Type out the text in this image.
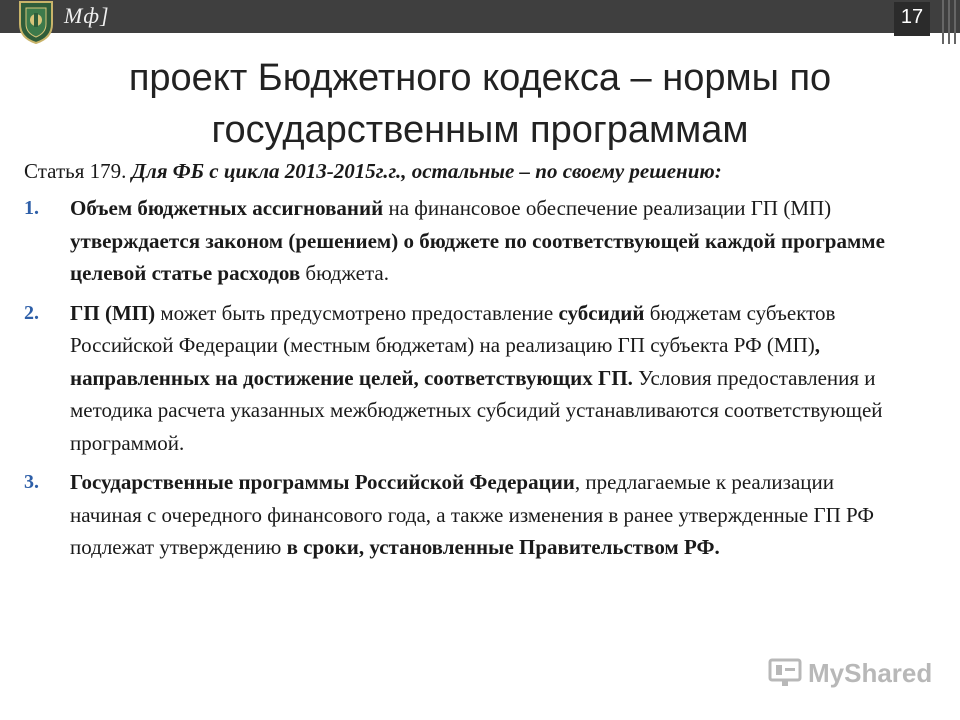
Мф]	17
проект Бюджетного кодекса – нормы по
государственным программам
Статья 179. Для ФБ с цикла 2013-2015г.г., остальные – по своему решению:
1. Объем бюджетных ассигнований на финансовое обеспечение реализации ГП (МП) утверждается законом (решением) о бюджете по соответствующей каждой программе целевой статье расходов бюджета.
2. ГП (МП) может быть предусмотрено предоставление субсидий бюджетам субъектов Российской Федерации (местным бюджетам) на реализацию ГП субъекта РФ (МП), направленных на достижение целей, соответствующих ГП. Условия предоставления и методика расчета указанных межбюджетных субсидий устанавливаются соответствующей программой.
3. Государственные программы Российской Федерации, предлагаемые к реализации начиная с очередного финансового года, а также изменения в ранее утвержденные ГП РФ подлежат утверждению в сроки, установленные Правительством РФ.
MyShared
